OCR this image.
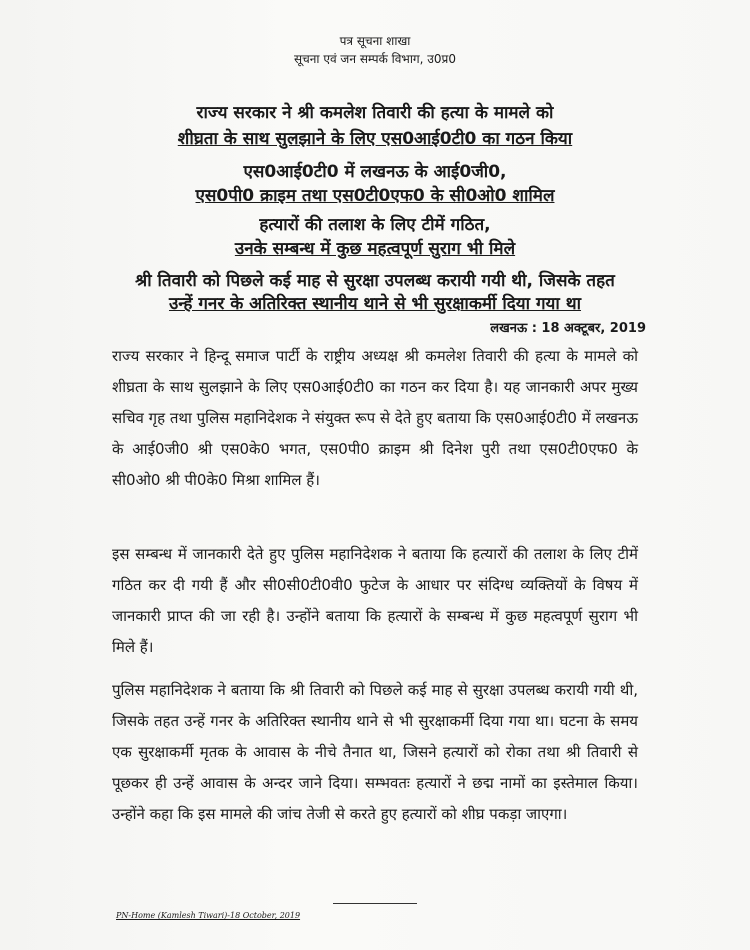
पत्र सूचना शाखा
सूचना एवं जन सम्पर्क विभाग, उ0प्र0
राज्य सरकार ने श्री कमलेश तिवारी की हत्या के मामले को
शीघ्रता के साथ सुलझाने के लिए एस0आई0टी0 का गठन किया
एस0आई0टी0 में लखनऊ के आई0जी0,
एस0पी0 क्राइम तथा एस0टी0एफ0 के सी0ओ0 शामिल
हत्यारों की तलाश के लिए टीमें गठित,
उनके सम्बन्ध में कुछ महत्वपूर्ण सुराग भी मिले
श्री तिवारी को पिछले कई माह से सुरक्षा उपलब्ध करायी गयी थी, जिसके तहत
उन्हें गनर के अतिरिक्त स्थानीय थाने से भी सुरक्षाकर्मी दिया गया था
लखनऊ : 18 अक्टूबर, 2019
राज्य सरकार ने हिन्दू समाज पार्टी के राष्ट्रीय अध्यक्ष श्री कमलेश तिवारी की हत्या के मामले को शीघ्रता के साथ सुलझाने के लिए एस0आई0टी0 का गठन कर दिया है। यह जानकारी अपर मुख्य सचिव गृह तथा पुलिस महानिदेशक ने संयुक्त रूप से देते हुए बताया कि एस0आई0टी0 में लखनऊ के आई0जी0 श्री एस0के0 भगत, एस0पी0 क्राइम श्री दिनेश पुरी तथा एस0टी0एफ0 के सी0ओ0 श्री पी0के0 मिश्रा शामिल हैं।
इस सम्बन्ध में जानकारी देते हुए पुलिस महानिदेशक ने बताया कि हत्यारों की तलाश के लिए टीमें गठित कर दी गयी हैं और सी0सी0टी0वी0 फुटेज के आधार पर संदिग्ध व्यक्तियों के विषय में जानकारी प्राप्त की जा रही है। उन्होंने बताया कि हत्यारों के सम्बन्ध में कुछ महत्वपूर्ण सुराग भी मिले हैं।
पुलिस महानिदेशक ने बताया कि श्री तिवारी को पिछले कई माह से सुरक्षा उपलब्ध करायी गयी थी, जिसके तहत उन्हें गनर के अतिरिक्त स्थानीय थाने से भी सुरक्षाकर्मी दिया गया था। घटना के समय एक सुरक्षाकर्मी मृतक के आवास के नीचे तैनात था, जिसने हत्यारों को रोका तथा श्री तिवारी से पूछकर ही उन्हें आवास के अन्दर जाने दिया। सम्भवतः हत्यारों ने छद्म नामों का इस्तेमाल किया। उन्होंने कहा कि इस मामले की जांच तेजी से करते हुए हत्यारों को शीघ्र पकड़ा जाएगा।
PN-Home (Kamlesh Tiwari)-18 October, 2019
